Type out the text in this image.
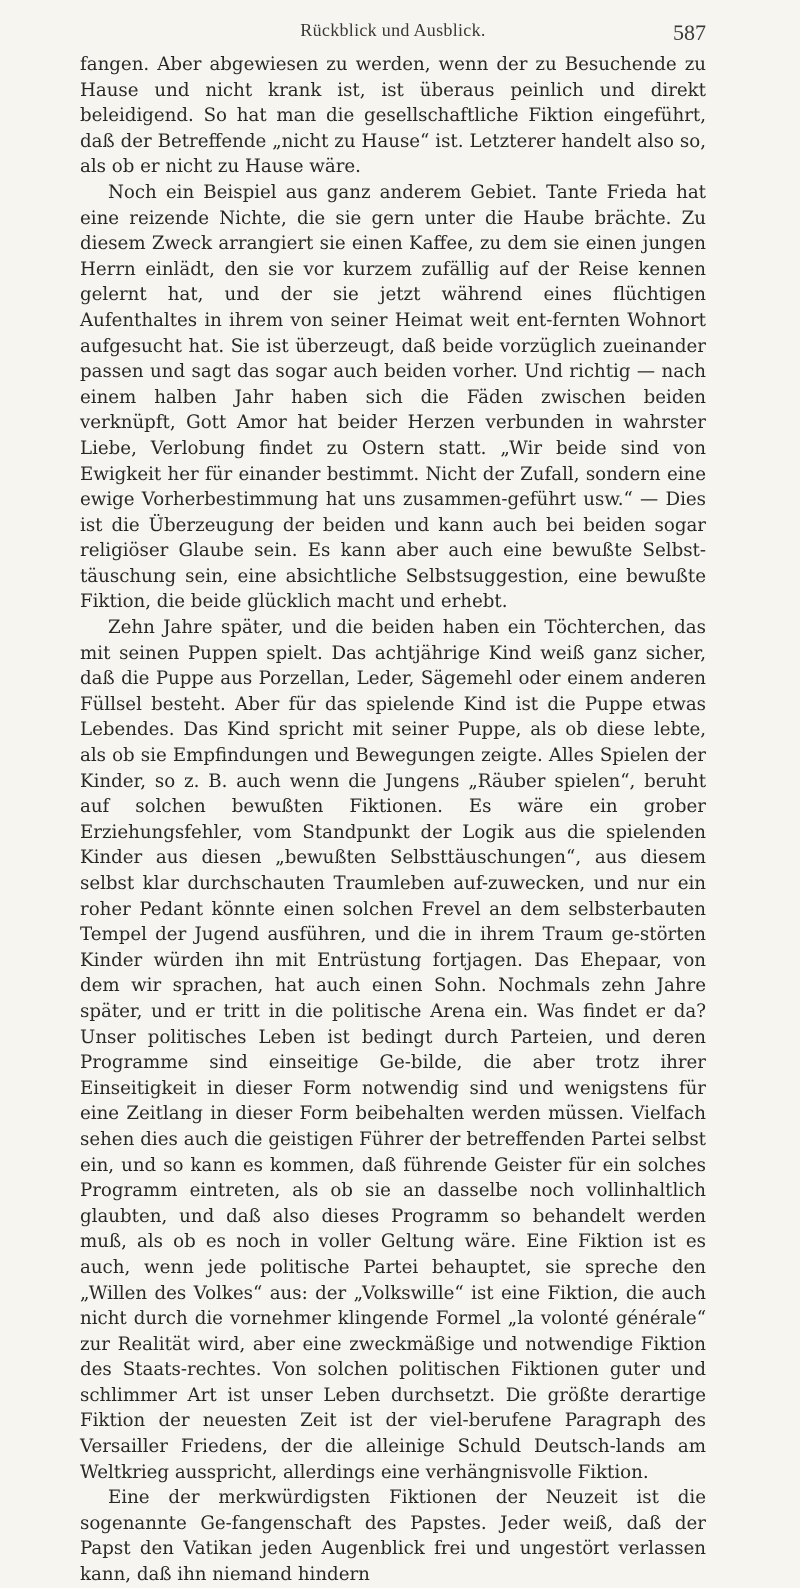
Rückblick und Ausblick.	587

fangen. Aber abgewiesen zu werden, wenn der zu Besuchende zu Hause und nicht krank ist, ist überaus peinlich und direkt beleidigend. So hat man die gesellschaftliche Fiktion eingeführt, daß der Betreffende „nicht zu Hause“ ist. Letzterer handelt also so, als ob er nicht zu Hause wäre.

Noch ein Beispiel aus ganz anderem Gebiet. Tante Frieda hat eine reizende Nichte, die sie gern unter die Haube brächte. Zu diesem Zweck arrangiert sie einen Kaffee, zu dem sie einen jungen Herrn einlädt, den sie vor kurzem zufällig auf der Reise kennen gelernt hat, und der sie jetzt während eines flüchtigen Aufenthaltes in ihrem von seiner Heimat weit ent-fernten Wohnort aufgesucht hat. Sie ist überzeugt, daß beide vorzüglich zueinander passen und sagt das sogar auch beiden vorher. Und richtig — nach einem halben Jahr haben sich die Fäden zwischen beiden verknüpft, Gott Amor hat beider Herzen verbunden in wahrster Liebe, Verlobung findet zu Ostern statt. „Wir beide sind von Ewigkeit her für einander bestimmt. Nicht der Zufall, sondern eine ewige Vorherbestimmung hat uns zusammen-geführt usw.“ — Dies ist die Überzeugung der beiden und kann auch bei beiden sogar religiöser Glaube sein. Es kann aber auch eine bewußte Selbst-täuschung sein, eine absichtliche Selbstsuggestion, eine bewußte Fiktion, die beide glücklich macht und erhebt.

Zehn Jahre später, und die beiden haben ein Töchterchen, das mit seinen Puppen spielt. Das achtjährige Kind weiß ganz sicher, daß die Puppe aus Porzellan, Leder, Sägemehl oder einem anderen Füllsel besteht. Aber für das spielende Kind ist die Puppe etwas Lebendes. Das Kind spricht mit seiner Puppe, als ob diese lebte, als ob sie Empfindungen und Bewegungen zeigte. Alles Spielen der Kinder, so z. B. auch wenn die Jungens „Räuber spielen“, beruht auf solchen bewußten Fiktionen. Es wäre ein grober Erziehungsfehler, vom Standpunkt der Logik aus die spielenden Kinder aus diesen „bewußten Selbsttäuschungen“, aus diesem selbst klar durchschauten Traumleben auf-zuwecken, und nur ein roher Pedant könnte einen solchen Frevel an dem selbsterbauten Tempel der Jugend ausführen, und die in ihrem Traum ge-störten Kinder würden ihn mit Entrüstung fortjagen. Das Ehepaar, von dem wir sprachen, hat auch einen Sohn. Nochmals zehn Jahre später, und er tritt in die politische Arena ein. Was findet er da? Unser politisches Leben ist bedingt durch Parteien, und deren Programme sind einseitige Ge-bilde, die aber trotz ihrer Einseitigkeit in dieser Form notwendig sind und wenigstens für eine Zeitlang in dieser Form beibehalten werden müssen. Vielfach sehen dies auch die geistigen Führer der betreffenden Partei selbst ein, und so kann es kommen, daß führende Geister für ein solches Programm eintreten, als ob sie an dasselbe noch vollinhaltlich glaubten, und daß also dieses Programm so behandelt werden muß, als ob es noch in voller Geltung wäre. Eine Fiktion ist es auch, wenn jede politische Partei behauptet, sie spreche den „Willen des Volkes“ aus: der „Volkswille“ ist eine Fiktion, die auch nicht durch die vornehmer klingende Formel „la volonté générale“ zur Realität wird, aber eine zweckmäßige und notwendige Fiktion des Staats-rechtes. Von solchen politischen Fiktionen guter und schlimmer Art ist unser Leben durchsetzt. Die größte derartige Fiktion der neuesten Zeit ist der viel-berufene Paragraph des Versailler Friedens, der die alleinige Schuld Deutsch-lands am Weltkrieg ausspricht, allerdings eine verhängnisvolle Fiktion.

Eine der merkwürdigsten Fiktionen der Neuzeit ist die sogenannte Ge-fangenschaft des Papstes. Jeder weiß, daß der Papst den Vatikan jeden Augenblick frei und ungestört verlassen kann, daß ihn niemand hindern
